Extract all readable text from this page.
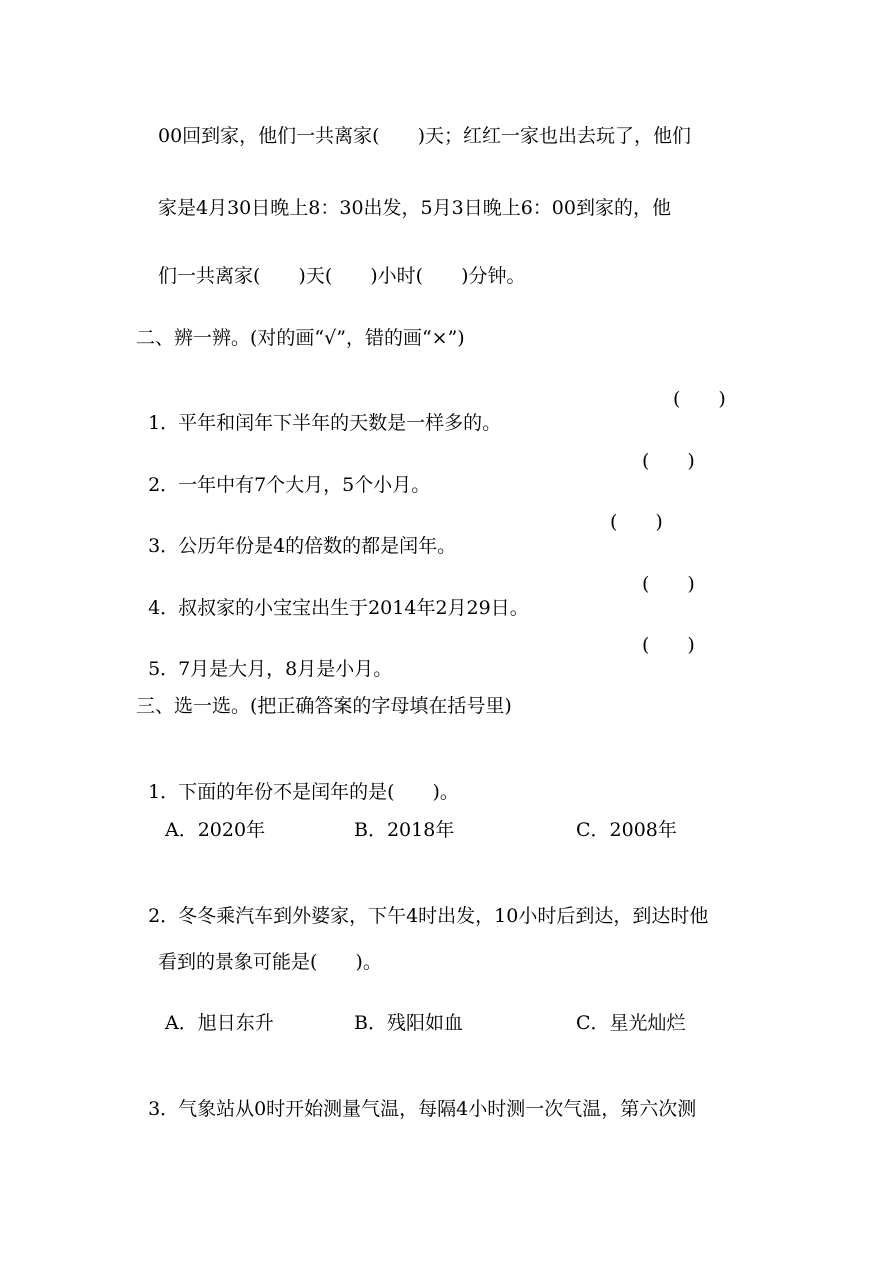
00回到家，他们一共离家(　　)天；红红一家也出去玩了，他们
家是4月30日晚上8：30出发，5月3日晚上6：00到家的，他
们一共离家(　　)天(　　)小时(　　)分钟。
二、辨一辨。(对的画“√”，错的画“×”)

1．平年和闰年下半年的天数是一样多的。

(　　)

2．一年中有7个大月，5个小月。

(　　)

3．公历年份是4的倍数的都是闰年。

(　　)

4．叔叔家的小宝宝出生于2014年2月29日。

(　　)

5．7月是大月，8月是小月。

(　　)
三、选一选。(把正确答案的字母填在括号里)

1．下面的年份不是闰年的是(　　)。

A．2020年	B．2018年	C．2008年

2．冬冬乘汽车到外婆家，下午4时出发，10小时后到达，到达时他

看到的景象可能是(　　)。
A．旭日东升	B．残阳如血	C．星光灿烂

3．气象站从0时开始测量气温，每隔4小时测一次气温，第六次测
